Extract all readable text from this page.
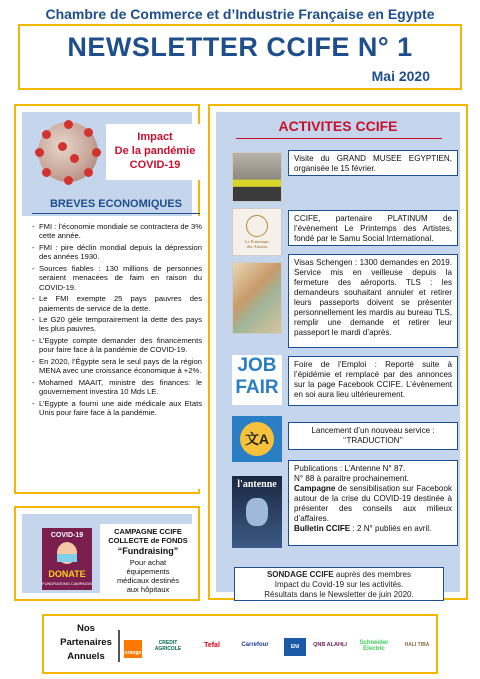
Chambre de Commerce et d’Industrie Française en Egypte
NEWSLETTER CCIFE N° 1
Mai 2020
Impact
De la pandémie
COVID-19
BREVES ECONOMIQUES
- FMI : l’économie mondiale se contractera de 3% cette année.
- FMI : pire déclin mondial depuis la dépression des années 1930.
- Sources fiables : 130 millions de personnes seraient menacées de faim en raison du COVID-19.
- Le FMI exempte 25 pays pauvres des paiements de service de la dette.
- Le G20 gèle temporairement la dette des pays les plus pauvres.
- L’Egypte compte demander des financements pour faire face à la pandémie de COVID-19.
- En 2020, l’Égypte sera le seul pays de la région MENA avec une croissance économique à +2%.
- Mohamed MAAIT, ministre des finances: le gouvernement investira 10 Mds LE.
- L’Egypte a fourni une aide médicale aux Etats Unis pour faire face à la pandémie.
COVID-19
DONATE
FUNDRAISING CAMPAIGN
CAMPAGNE CCIFE
COLLECTE de FONDS
“Fundraising”
Pour achat
équipements
médicaux destinés
aux hôpitaux
ACTIVITES CCIFE
Visite du GRAND MUSEE EGYPTIEN, organisée le 15 février.
Le Printemps
des Artistes
CCIFE, partenaire PLATINUM de l’évènement Le Printemps des Artistes, fondé par le Samu Social International.
Visas Schengen : 1300 demandes en 2019. Service mis en veilleuse depuis la fermeture des aéroports. TLS : les demandeurs souhaitant annuler et retirer leurs passeports doivent se présenter personnellement les mardis au bureau TLS, remplir une demande et retirer leur passeport le mardi d’après.
JOB
FAIR
Foire de l’Emploi : Reporté suite à l’épidémie et remplacé par des annonces sur la page Facebook CCIFE. L’évènement en soi aura lieu ultérieurement.
文A
Lancement d’un nouveau service : ‘‘TRADUCTION’’
l'antenne
Publications : L’Antenne N° 87.
N° 88 à paraitre prochainement.
Campagne de sensibilisation sur Facebook autour de la crise du COVID-19 destinée à présenter des conseils aux milieux d’affaires.
Bulletin CCIFE : 2 N° publiés en avril.
SONDAGE CCIFE auprès des membres
Impact du Covid-19 sur les activités.
Résultats dans le Newsletter de juin 2020.
Nos
Partenaires
Annuels	orange
CREDIT AGRICOLE	Tefal	Carrefour	ENI	QNB ALAHLI	Schneider Electric
HALI TIBA
